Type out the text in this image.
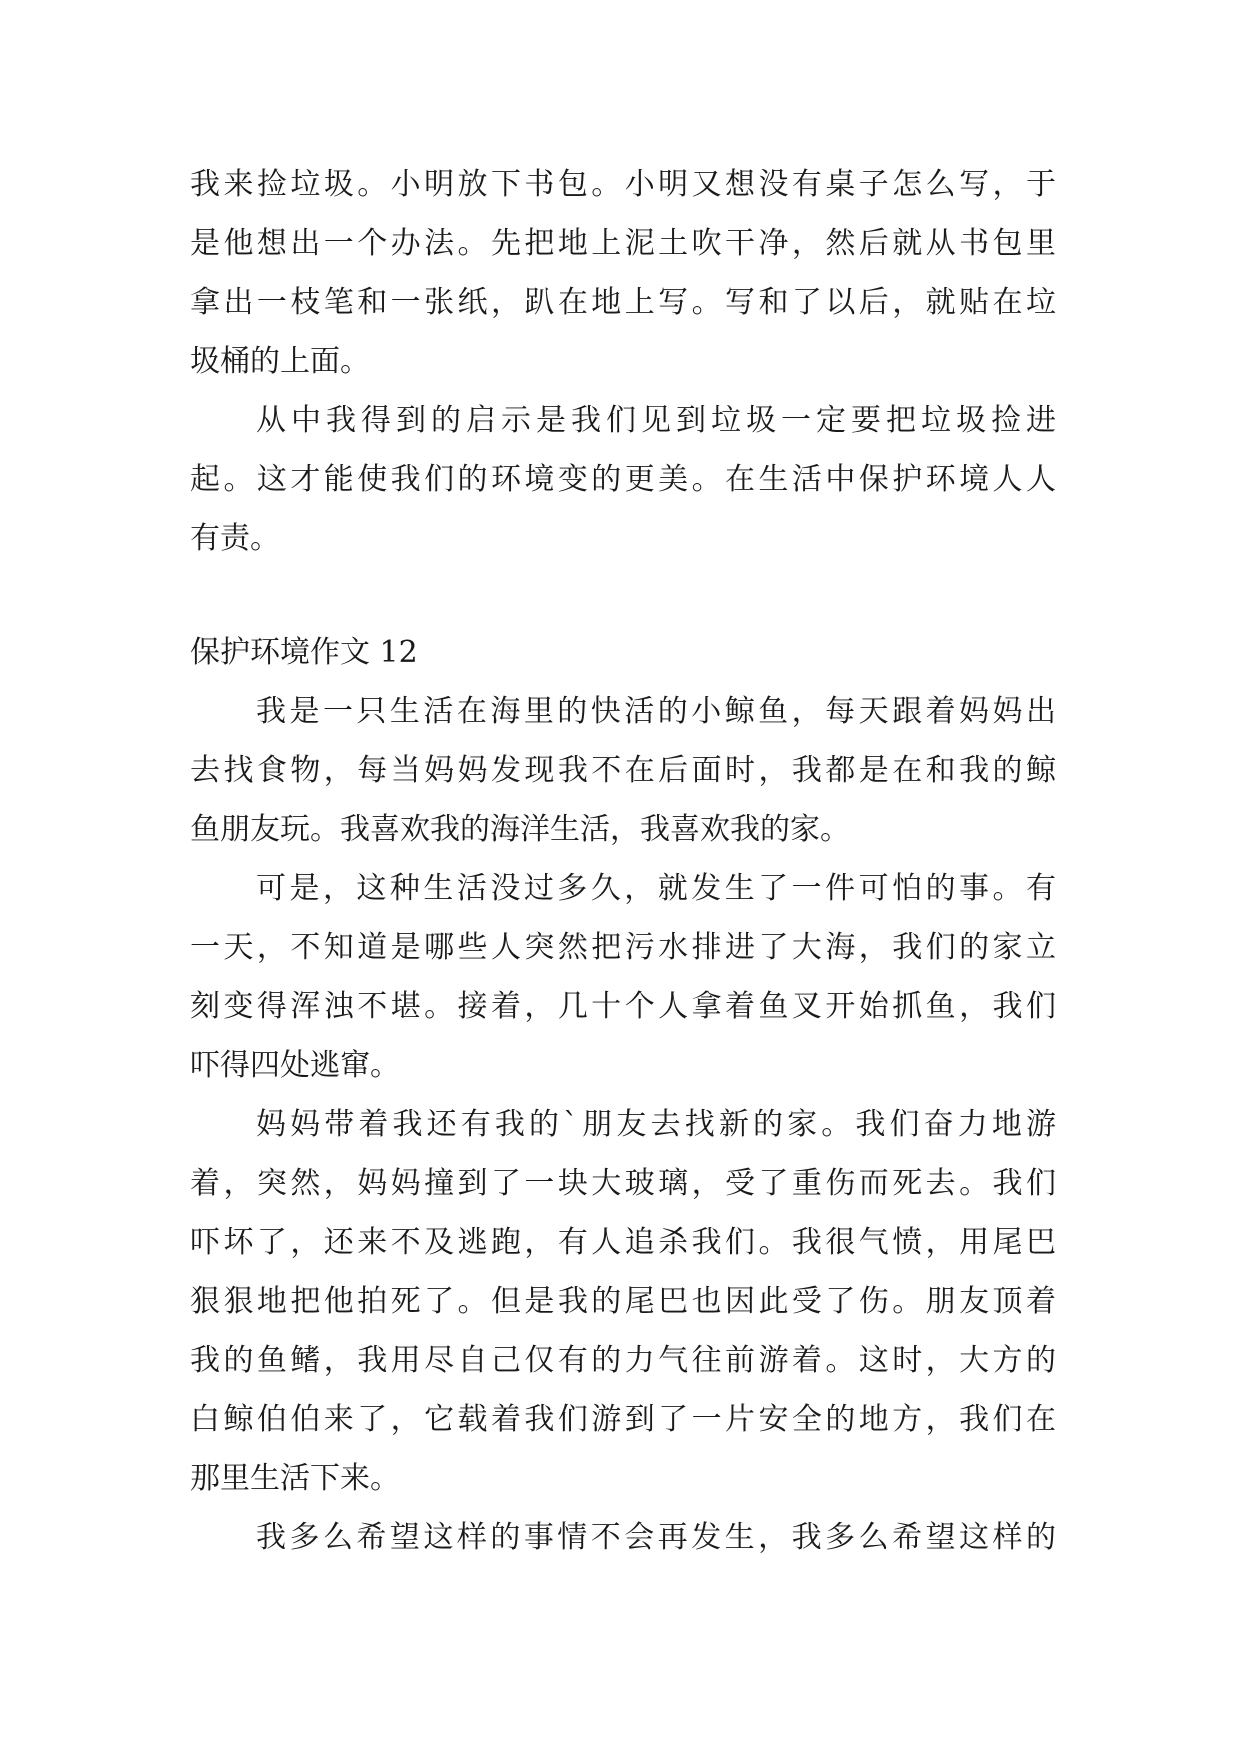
我来捡垃圾。小明放下书包。小明又想没有桌子怎么写，于
是他想出一个办法。先把地上泥土吹干净，然后就从书包里
拿出一枝笔和一张纸，趴在地上写。写和了以后，就贴在垃
圾桶的上面。
从中我得到的启示是我们见到垃圾一定要把垃圾捡进
起。这才能使我们的环境变的更美。在生活中保护环境人人
有责。
保护环境作文 12
我是一只生活在海里的快活的小鲸鱼，每天跟着妈妈出
去找食物，每当妈妈发现我不在后面时，我都是在和我的鲸
鱼朋友玩。我喜欢我的海洋生活，我喜欢我的家。
可是，这种生活没过多久，就发生了一件可怕的事。有
一天，不知道是哪些人突然把污水排进了大海，我们的家立
刻变得浑浊不堪。接着，几十个人拿着鱼叉开始抓鱼，我们
吓得四处逃窜。
妈妈带着我还有我的`朋友去找新的家。我们奋力地游
着，突然，妈妈撞到了一块大玻璃，受了重伤而死去。我们
吓坏了，还来不及逃跑，有人追杀我们。我很气愤，用尾巴
狠狠地把他拍死了。但是我的尾巴也因此受了伤。朋友顶着
我的鱼鳍，我用尽自己仅有的力气往前游着。这时，大方的
白鲸伯伯来了，它载着我们游到了一片安全的地方，我们在
那里生活下来。
我多么希望这样的事情不会再发生，我多么希望这样的
